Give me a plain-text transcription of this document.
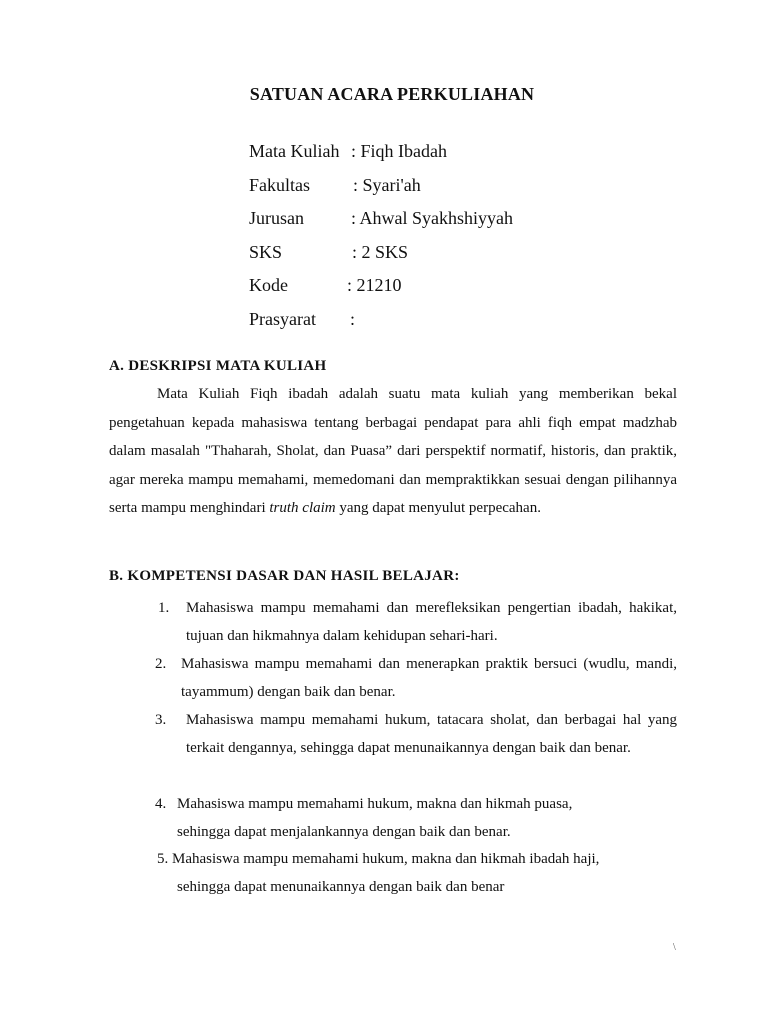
SATUAN ACARA PERKULIAHAN
Mata Kuliah : Fiqh Ibadah
Fakultas : Syari'ah
Jurusan	: Ahwal Syakhshiyyah
SKS	: 2 SKS
Kode	: 21210
Prasyarat :
A. DESKRIPSI MATA KULIAH
Mata Kuliah Fiqh ibadah adalah suatu mata kuliah yang memberikan bekal pengetahuan kepada mahasiswa tentang berbagai pendapat para ahli fiqh empat madzhab dalam masalah "Thaharah, Sholat, dan Puasa” dari perspektif normatif, historis, dan praktik, agar mereka mampu memahami, memedomani dan mempraktikkan sesuai dengan pilihannya serta mampu menghindari truth claim yang dapat menyulut perpecahan.
B. KOMPETENSI DASAR DAN HASIL BELAJAR:
1. Mahasiswa mampu memahami dan merefleksikan pengertian ibadah, hakikat, tujuan dan hikmahnya dalam kehidupan sehari-hari.
2. Mahasiswa mampu memahami dan menerapkan praktik bersuci (wudlu, mandi, tayammum) dengan baik dan benar.
3. Mahasiswa mampu memahami hukum, tatacara sholat, dan berbagai hal yang terkait dengannya, sehingga dapat menunaikannya dengan baik dan benar.
4. Mahasiswa mampu memahami hukum, makna dan hikmah puasa,
sehingga dapat menjalankannya dengan baik dan benar.
5. Mahasiswa mampu memahami hukum, makna dan hikmah ibadah haji,
sehingga dapat menunaikannya dengan baik dan benar
\
